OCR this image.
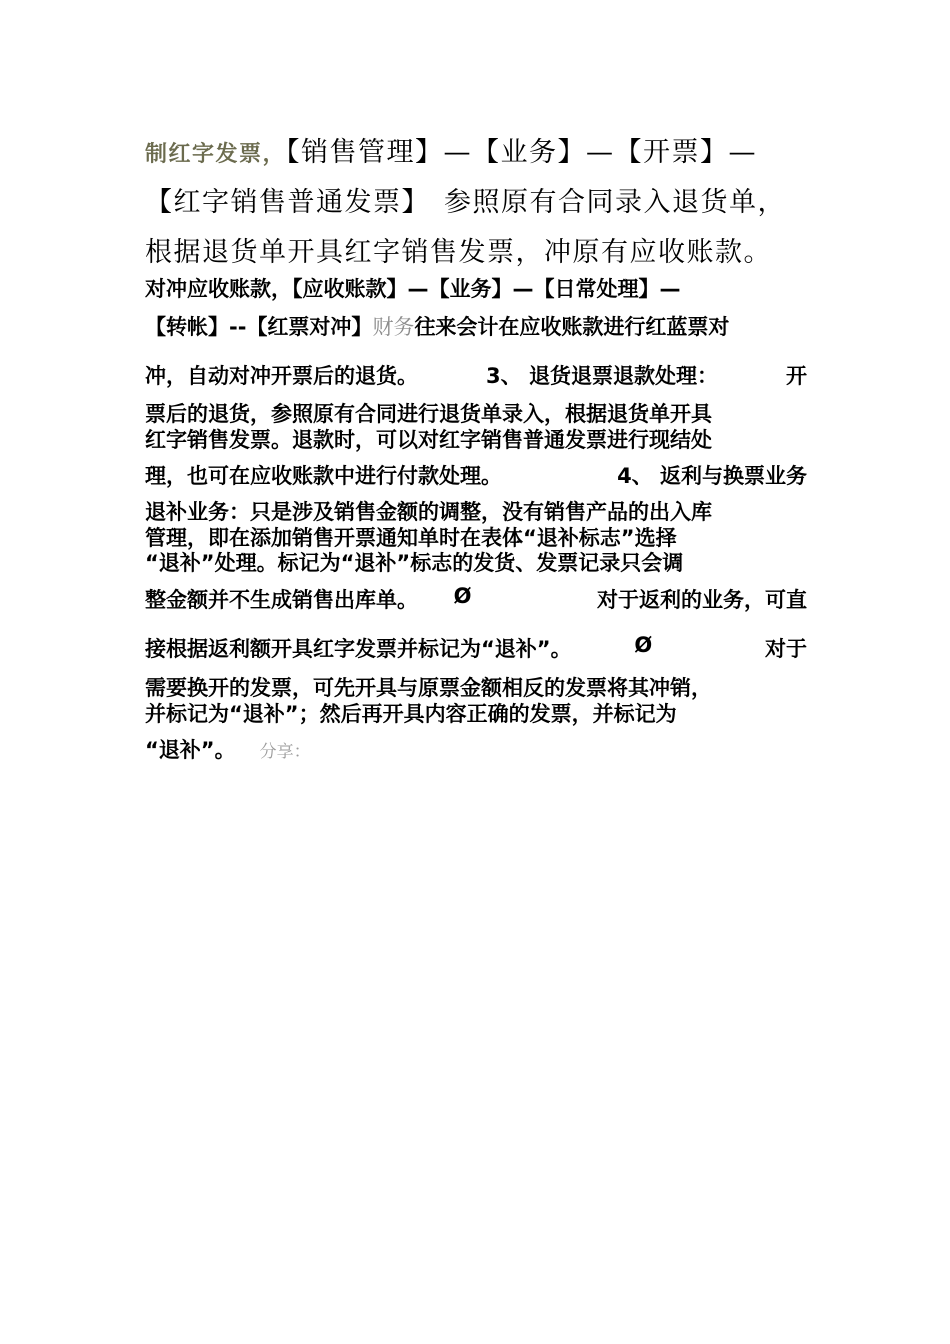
制红字发票，【销售管理】—【业务】—【开票】—
【红字销售普通发票】 参照原有合同录入退货单，
根据退货单开具红字销售发票，冲原有应收账款。
对冲应收账款，【应收账款】—【业务】—【日常处理】—
【转帐】--【红票对冲】财务往来会计在应收账款进行红蓝票对
冲，自动对冲开票后的退货。	3、 退货退票退款处理：	开
票后的退货，参照原有合同进行退货单录入，根据退货单开具
红字销售发票。退款时，可以对红字销售普通发票进行现结处
理，也可在应收账款中进行付款处理。	4、 返利与换票业务
退补业务：只是涉及销售金额的调整，没有销售产品的出入库
管理，即在添加销售开票通知单时在表体“退补标志”选择
“退补”处理。标记为“退补”标志的发货、发票记录只会调
整金额并不生成销售出库单。 Ø	对于返利的业务，可直
接根据返利额开具红字发票并标记为“退补”。	Ø	对于
需要换开的发票，可先开具与原票金额相反的发票将其冲销，
并标记为“退补”；然后再开具内容正确的发票，并标记为
“退补”。 分享：
